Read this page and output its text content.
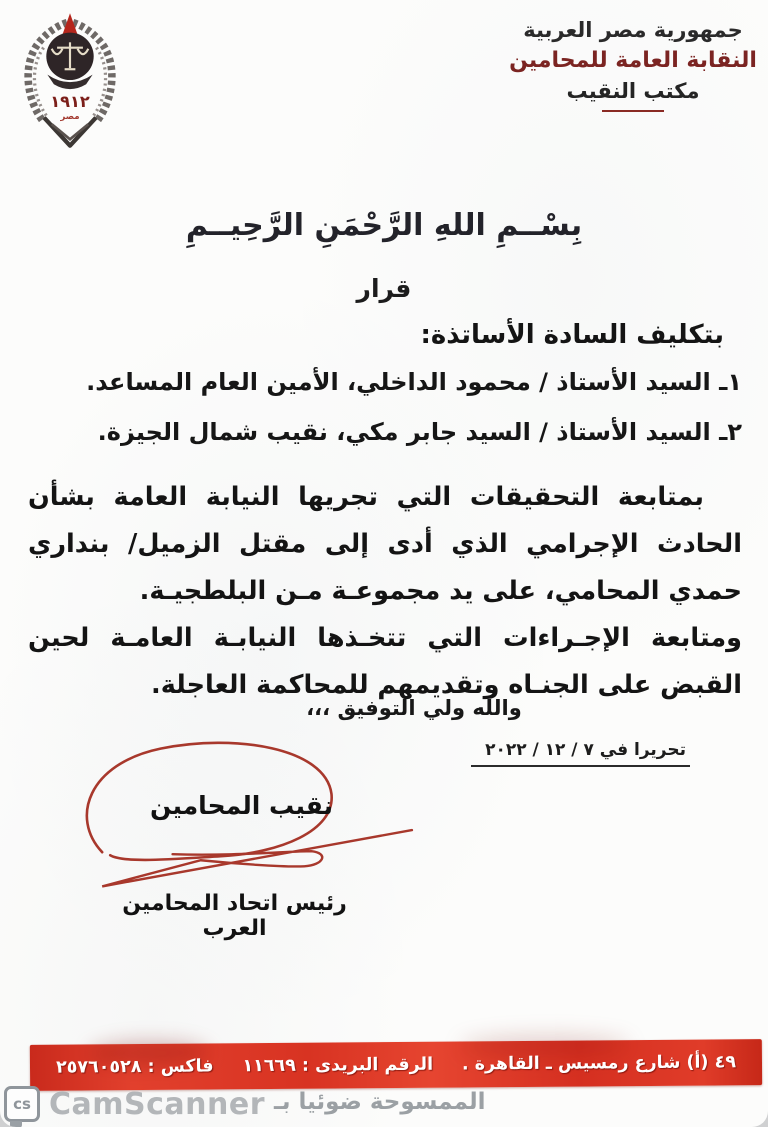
١٩١٢
مصر
جمهورية مصر العربية
النقابة العامة للمحامين
مكتب النقيب
بِسْــمِ اللهِ الرَّحْمَنِ الرَّحِيــمِ
قرار
بتكليف السادة الأساتذة:
١ـ السيد الأستاذ / محمود الداخلي، الأمين العام المساعد.
٢ـ السيد الأستاذ / السيد جابر مكي، نقيب شمال الجيزة.

بمتابعة التحقيقات التي تجريها النيابة العامة بشأن الحادث الإجرامي الذي أدى إلى مقتل الزميل/ بنداري حمدي المحامي، على يد مجموعـة مـن البلطجيـة.

ومتابعة الإجـراءات التي تتخـذها النيابـة العامـة لحين القبض على الجنـاه وتقديمهم للمحاكمة العاجلة.

والله ولي التوفيق ،،،
تحريرا في ٧ / ١٢ / ٢٠٢٢
نقيب المحامين
رئيس اتحاد المحامين العرب
٤٩ (أ) شارع رمسيس ـ القاهرة .
الرقم البريدى : ١١٦٦٩
فاكس : ٢٥٧٦٠٥٢٨
cs CamScanner الممسوحة ضوئيا بـ
